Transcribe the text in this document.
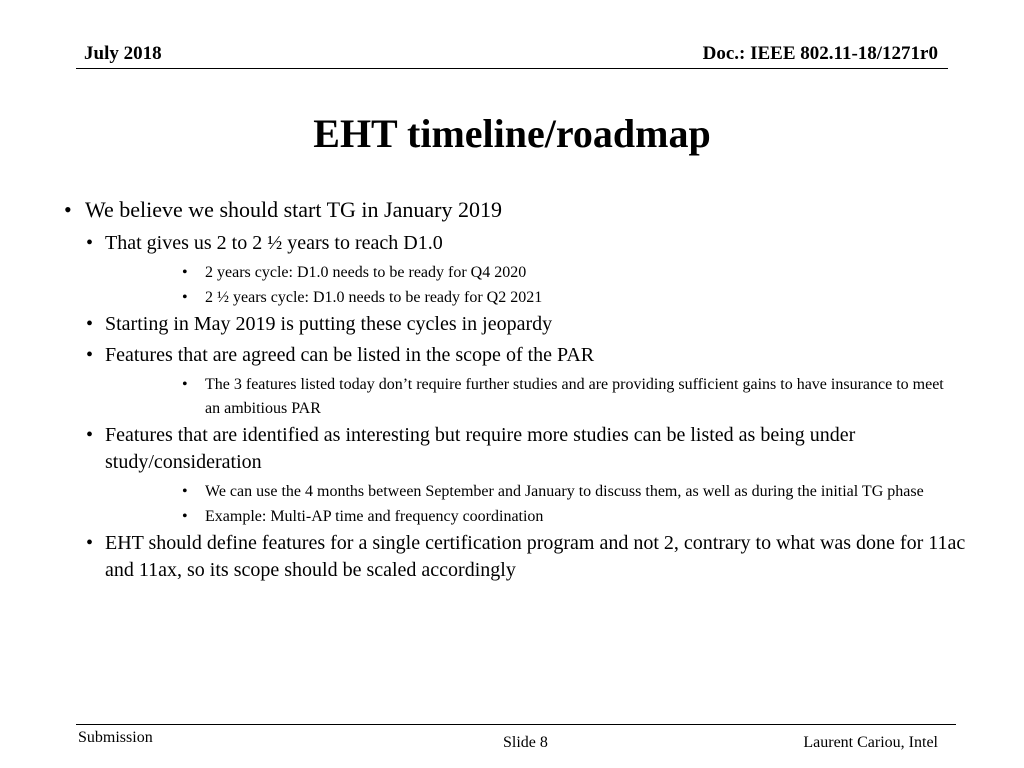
July 2018	Doc.: IEEE 802.11-18/1271r0
EHT timeline/roadmap
• We believe we should start TG in January 2019
• That gives us 2 to 2 ½ years to reach D1.0
• 2 years cycle: D1.0 needs to be ready for Q4 2020
• 2 ½ years cycle: D1.0 needs to be ready for Q2 2021
• Starting in May 2019 is putting these cycles in jeopardy
• Features that are agreed can be listed in the scope of the PAR
• The 3 features listed today don’t require further studies and are providing sufficient gains to have insurance to meet an ambitious PAR
• Features that are identified as interesting but require more studies can be listed as being under study/consideration
• We can use the 4 months between September and January to discuss them, as well as during the initial TG phase
• Example: Multi-AP time and frequency coordination
• EHT should define features for a single certification program and not 2, contrary to what was done for 11ac and 11ax, so its scope should be scaled accordingly
Submission	Slide 8	Laurent Cariou, Intel
